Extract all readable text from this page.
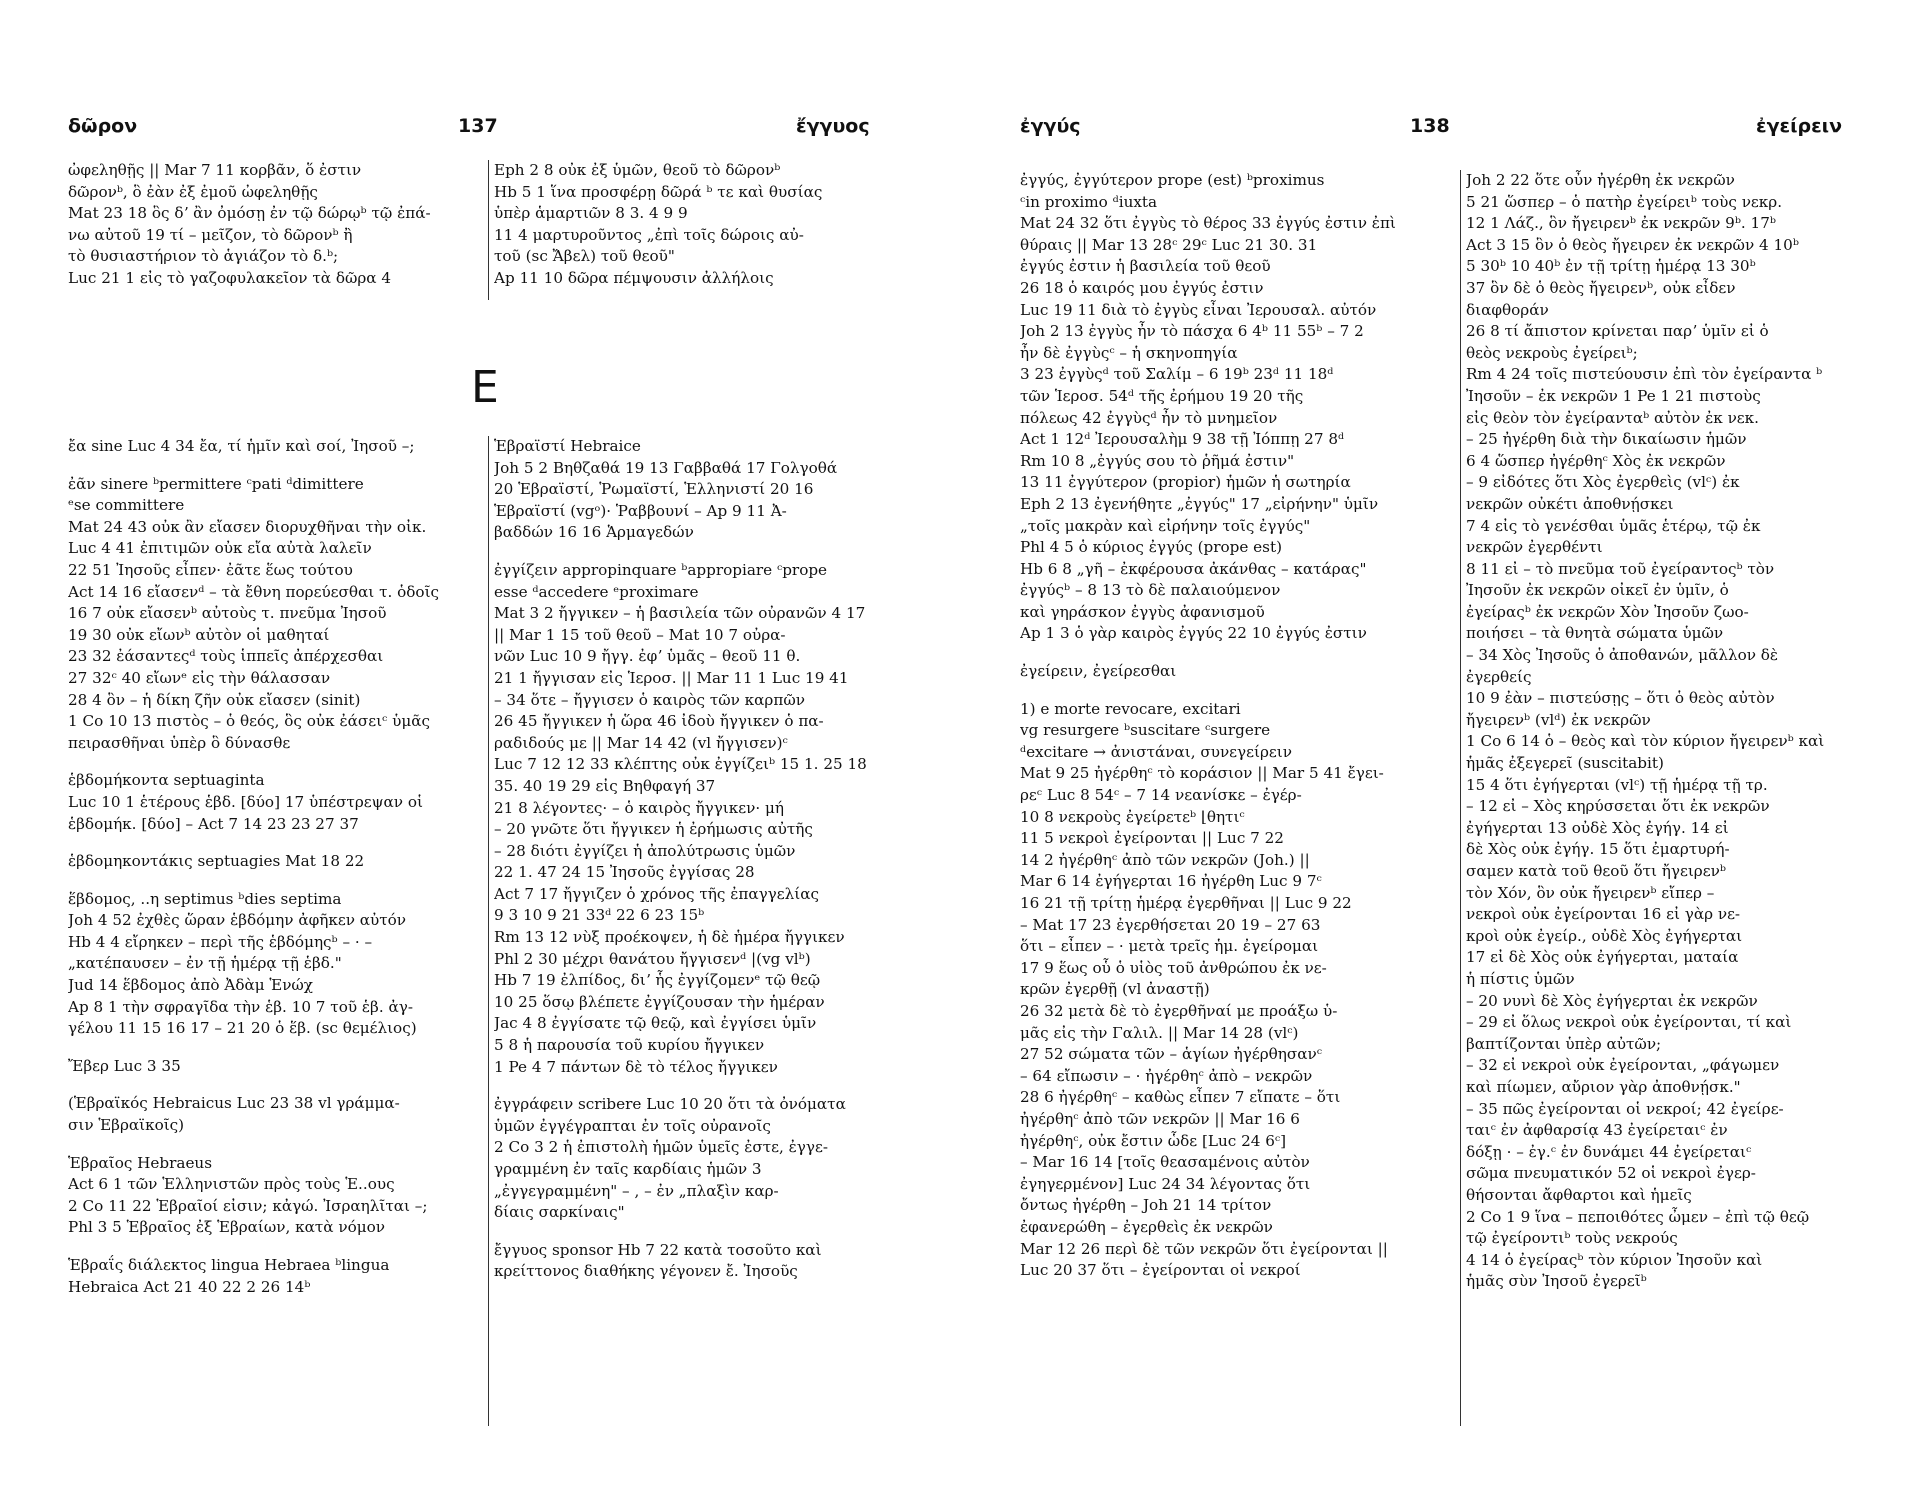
δῶρον	137	ἔγγυος
ὠφεληθῇς || Mar 7 11 κορβᾶν, ὅ ἐστιν
δῶρονᵇ, ὃ ἐὰν ἐξ ἐμοῦ ὠφεληθῇς
Mat 23 18 ὃς δʼ ἂν ὀμόσῃ ἐν τῷ δώρῳᵇ τῷ ἐπά-
νω αὐτοῦ 19 τί – μεῖζον, τὸ δῶρονᵇ ἢ
τὸ θυσιαστήριον τὸ ἁγιάζον τὸ δ.ᵇ;
Luc 21 1 εἰς τὸ γαζοφυλακεῖον τὰ δῶρα 4
Eph 2 8 οὐκ ἐξ ὑμῶν, θεοῦ τὸ δῶρονᵇ
Hb 5 1 ἵνα προσφέρῃ δῶρά ᵇ τε καὶ θυσίας
ὑπὲρ ἁμαρτιῶν 8 3. 4 9 9
11 4 μαρτυροῦντος „ἐπὶ τοῖς δώροις αὐ-
τοῦ (sc Ἄβελ) τοῦ θεοῦ"
Ap 11 10 δῶρα πέμψουσιν ἀλλήλοις
Ε
ἔα sine Luc 4 34 ἔα, τί ἡμῖν καὶ σοί, Ἰησοῦ –;
ἐᾶν sinere ᵇpermittere ᶜpati ᵈdimittere
ᵉse committere
Mat 24 43 οὐκ ἂν εἴασεν διορυχθῆναι τὴν οἰκ.
Luc 4 41 ἐπιτιμῶν οὐκ εἴα αὐτὰ λαλεῖν
22 51 Ἰησοῦς εἶπεν· ἐᾶτε ἕως τούτου
Act 14 16 εἴασενᵈ – τὰ ἔθνη πορεύεσθαι τ. ὁδοῖς
16 7 οὐκ εἴασενᵇ αὐτοὺς τ. πνεῦμα Ἰησοῦ
19 30 οὐκ εἴωνᵇ αὐτὸν οἱ μαθηταί
23 32 ἐάσαντεςᵈ τοὺς ἱππεῖς ἀπέρχεσθαι
27 32ᶜ 40 εἴωνᵉ εἰς τὴν θάλασσαν
28 4 ὃν – ἡ δίκη ζῆν οὐκ εἴασεν (sinit)
1 Co 10 13 πιστὸς – ὁ θεός, ὃς οὐκ ἐάσειᶜ ὑμᾶς
πειρασθῆναι ὑπὲρ ὃ δύνασθε
ἑβδομήκοντα septuaginta
Luc 10 1 ἑτέρους ἑβδ. [δύο] 17 ὑπέστρεψαν οἱ
ἑβδομήκ. [δύο] – Act 7 14 23 23 27 37
ἑβδομηκοντάκις septuagies Mat 18 22
ἕβδομος, ..η septimus ᵇdies septima
Joh 4 52 ἐχθὲς ὥραν ἑβδόμην ἀφῆκεν αὐτόν
Hb 4 4 εἴρηκεν – περὶ τῆς ἑβδόμηςᵇ – · –
„κατέπαυσεν – ἐν τῇ ἡμέρᾳ τῇ ἑβδ."
Jud 14 ἕβδομος ἀπὸ Ἀδὰμ Ἑνώχ
Ap 8 1 τὴν σφραγῖδα τὴν ἑβ. 10 7 τοῦ ἑβ. ἀγ-
γέλου 11 15 16 17 – 21 20 ὁ ἕβ. (sc θεμέλιος)
Ἔβερ Luc 3 35
(Ἑβραϊκός Hebraicus Luc 23 38 vl γράμμα-
σιν Ἑβραϊκοῖς)
Ἑβραῖος Hebraeus
Act 6 1 τῶν Ἑλληνιστῶν πρὸς τοὺς Ἑ..ους
2 Co 11 22 Ἑβραῖοί εἰσιν; κἀγώ. Ἰσραηλῖται –;
Phl 3 5 Ἑβραῖος ἐξ Ἑβραίων, κατὰ νόμον
Ἑβραΐς διάλεκτος lingua Hebraea ᵇlingua
Hebraica Act 21 40 22 2 26 14ᵇ
Ἑβραϊστί Hebraice
Joh 5 2 Βηθζαθά 19 13 Γαββαθά 17 Γολγοθά
20 Ἑβραϊστί, Ῥωμαϊστί, Ἑλληνιστί 20 16
Ἑβραϊστί (vgᵒ)· Ῥαββουνί – Ap 9 11 Ἀ-
βαδδών 16 16 Ἁρμαγεδών
ἐγγίζειν appropinquare ᵇappropiare ᶜprope
esse ᵈaccedere ᵉproximare
Mat 3 2 ἤγγικεν – ἡ βασιλεία τῶν οὐρανῶν 4 17
|| Mar 1 15 τοῦ θεοῦ – Mat 10 7 οὐρα-
νῶν Luc 10 9 ἤγγ. ἐφʼ ὑμᾶς – θεοῦ 11 θ.
21 1 ἤγγισαν εἰς Ἱεροσ. || Mar 11 1 Luc 19 41
– 34 ὅτε – ἤγγισεν ὁ καιρὸς τῶν καρπῶν
26 45 ἤγγικεν ἡ ὥρα 46 ἰδοὺ ἤγγικεν ὁ πα-
ραδιδούς με || Mar 14 42 (vl ἤγγισεν)ᶜ
Luc 7 12 12 33 κλέπτης οὐκ ἐγγίζειᵇ 15 1. 25 18
35. 40 19 29 εἰς Βηθφαγή 37
21 8 λέγοντες· – ὁ καιρὸς ἤγγικεν· μή
– 20 γνῶτε ὅτι ἤγγικεν ἡ ἐρήμωσις αὐτῆς
– 28 διότι ἐγγίζει ἡ ἀπολύτρωσις ὑμῶν
22 1. 47 24 15 Ἰησοῦς ἐγγίσας 28
Act 7 17 ἤγγιζεν ὁ χρόνος τῆς ἐπαγγελίας
9 3 10 9 21 33ᵈ 22 6 23 15ᵇ
Rm 13 12 νὺξ προέκοψεν, ἡ δὲ ἡμέρα ἤγγικεν
Phl 2 30 μέχρι θανάτου ἤγγισενᵈ |(vg vlᵇ)
Hb 7 19 ἐλπίδος, διʼ ἧς ἐγγίζομενᵉ τῷ θεῷ
10 25 ὅσῳ βλέπετε ἐγγίζουσαν τὴν ἡμέραν
Jac 4 8 ἐγγίσατε τῷ θεῷ, καὶ ἐγγίσει ὑμῖν
5 8 ἡ παρουσία τοῦ κυρίου ἤγγικεν
1 Pe 4 7 πάντων δὲ τὸ τέλος ἤγγικεν
ἐγγράφειν scribere Luc 10 20 ὅτι τὰ ὀνόματα
ὑμῶν ἐγγέγραπται ἐν τοῖς οὐρανοῖς
2 Co 3 2 ἡ ἐπιστολὴ ἡμῶν ὑμεῖς ἐστε, ἐγγε-
γραμμένη ἐν ταῖς καρδίαις ἡμῶν 3
„ἐγγεγραμμένη" – , – ἐν „πλαξὶν καρ-
δίαις σαρκίναις"
ἔγγυος sponsor Hb 7 22 κατὰ τοσοῦτο καὶ
κρείττονος διαθήκης γέγονεν ἔ. Ἰησοῦς
ἐγγύς	138	ἐγείρειν
ἐγγύς, ἐγγύτερον prope (est) ᵇproximus
ᶜin proximo ᵈiuxta
Mat 24 32 ὅτι ἐγγὺς τὸ θέρος 33 ἐγγύς ἐστιν ἐπὶ
θύραις || Mar 13 28ᶜ 29ᶜ Luc 21 30. 31
ἐγγύς ἐστιν ἡ βασιλεία τοῦ θεοῦ
26 18 ὁ καιρός μου ἐγγύς ἐστιν
Luc 19 11 διὰ τὸ ἐγγὺς εἶναι Ἰερουσαλ. αὐτόν
Joh 2 13 ἐγγὺς ἦν τὸ πάσχα 6 4ᵇ 11 55ᵇ – 7 2
ἦν δὲ ἐγγὺςᶜ – ἡ σκηνοπηγία
3 23 ἐγγὺςᵈ τοῦ Σαλίμ – 6 19ᵇ 23ᵈ 11 18ᵈ
τῶν Ἱεροσ. 54ᵈ τῆς ἐρήμου 19 20 τῆς
πόλεως 42 ἐγγὺςᵈ ἦν τὸ μνημεῖον
Act 1 12ᵈ Ἰερουσαλὴμ 9 38 τῇ Ἰόππῃ 27 8ᵈ
Rm 10 8 „ἐγγύς σου τὸ ῥῆμά ἐστιν"
13 11 ἐγγύτερον (propior) ἡμῶν ἡ σωτηρία
Eph 2 13 ἐγενήθητε „ἐγγύς" 17 „εἰρήνην" ὑμῖν
„τοῖς μακρὰν καὶ εἰρήνην τοῖς ἐγγύς"
Phl 4 5 ὁ κύριος ἐγγύς (prope est)
Hb 6 8 „γῆ – ἐκφέρουσα ἀκάνθας – κατάρας"
ἐγγύςᵇ – 8 13 τὸ δὲ παλαιούμενον
καὶ γηράσκον ἐγγὺς ἀφανισμοῦ
Ap 1 3 ὁ γὰρ καιρὸς ἐγγύς 22 10 ἐγγύς ἐστιν
ἐγείρειν, ἐγείρεσθαι
1) e morte revocare, excitari
vg resurgere ᵇsuscitare ᶜsurgere
ᵈexcitare → ἀνιστάναι, συνεγείρειν
Mat 9 25 ἠγέρθηᶜ τὸ κοράσιον || Mar 5 41 ἔγει-
ρεᶜ Luc 8 54ᶜ – 7 14 νεανίσκε – ἐγέρ-
10 8 νεκροὺς ἐγείρετεᵇ ⌊θητιᶜ
11 5 νεκροὶ ἐγείρονται || Luc 7 22
14 2 ἠγέρθηᶜ ἀπὸ τῶν νεκρῶν (Joh.) ||
Mar 6 14 ἐγήγερται 16 ἠγέρθη Luc 9 7ᶜ
16 21 τῇ τρίτῃ ἡμέρᾳ ἐγερθῆναι || Luc 9 22
– Mat 17 23 ἐγερθήσεται 20 19 – 27 63
ὅτι – εἶπεν – · μετὰ τρεῖς ἡμ. ἐγείρομαι
17 9 ἕως οὗ ὁ υἱὸς τοῦ ἀνθρώπου ἐκ νε-
κρῶν ἐγερθῇ (vl ἀναστῇ)
26 32 μετὰ δὲ τὸ ἐγερθῆναί με προάξω ὑ-
μᾶς εἰς τὴν Γαλιλ. || Mar 14 28 (vlᶜ)
27 52 σώματα τῶν – ἁγίων ἠγέρθησανᶜ
– 64 εἴπωσιν – · ἠγέρθηᶜ ἀπὸ – νεκρῶν
28 6 ἠγέρθηᶜ – καθὼς εἶπεν 7 εἴπατε – ὅτι
ἠγέρθηᶜ ἀπὸ τῶν νεκρῶν || Mar 16 6
ἠγέρθηᶜ, οὐκ ἔστιν ὧδε [Luc 24 6ᶜ]
– Mar 16 14 [τοῖς θεασαμένοις αὐτὸν
ἐγηγερμένον] Luc 24 34 λέγοντας ὅτι
ὄντως ἠγέρθη – Joh 21 14 τρίτον
ἐφανερώθη – ἐγερθεὶς ἐκ νεκρῶν
Mar 12 26 περὶ δὲ τῶν νεκρῶν ὅτι ἐγείρονται ||
Luc 20 37 ὅτι – ἐγείρονται οἱ νεκροί
Joh 2 22 ὅτε οὖν ἠγέρθη ἐκ νεκρῶν
5 21 ὥσπερ – ὁ πατὴρ ἐγείρειᵇ τοὺς νεκρ.
12 1 Λάζ., ὃν ἤγειρενᵇ ἐκ νεκρῶν 9ᵇ. 17ᵇ
Act 3 15 ὃν ὁ θεὸς ἤγειρεν ἐκ νεκρῶν 4 10ᵇ
5 30ᵇ 10 40ᵇ ἐν τῇ τρίτῃ ἡμέρᾳ 13 30ᵇ
37 ὃν δὲ ὁ θεὸς ἤγειρενᵇ, οὐκ εἶδεν
διαφθοράν
26 8 τί ἄπιστον κρίνεται παρʼ ὑμῖν εἰ ὁ
θεὸς νεκροὺς ἐγείρειᵇ;
Rm 4 24 τοῖς πιστεύουσιν ἐπὶ τὸν ἐγείραντα ᵇ
Ἰησοῦν – ἐκ νεκρῶν 1 Pe 1 21 πιστοὺς
εἰς θεὸν τὸν ἐγείρανταᵇ αὐτὸν ἐκ νεκ.
– 25 ἠγέρθη διὰ τὴν δικαίωσιν ἡμῶν
6 4 ὥσπερ ἠγέρθηᶜ Χὸς ἐκ νεκρῶν
– 9 εἰδότες ὅτι Χὸς ἐγερθεὶς (vlᶜ) ἐκ
νεκρῶν οὐκέτι ἀποθνῄσκει
7 4 εἰς τὸ γενέσθαι ὑμᾶς ἑτέρῳ, τῷ ἐκ
νεκρῶν ἐγερθέντι
8 11 εἰ – τὸ πνεῦμα τοῦ ἐγείραντοςᵇ τὸν
Ἰησοῦν ἐκ νεκρῶν οἰκεῖ ἐν ὑμῖν, ὁ
ἐγείραςᵇ ἐκ νεκρῶν Χὸν Ἰησοῦν ζωο-
ποιήσει – τὰ θνητὰ σώματα ὑμῶν
– 34 Χὸς Ἰησοῦς ὁ ἀποθανών, μᾶλλον δὲ
ἐγερθείς
10 9 ἐὰν – πιστεύσῃς – ὅτι ὁ θεὸς αὐτὸν
ἤγειρενᵇ (vlᵈ) ἐκ νεκρῶν
1 Co 6 14 ὁ – θεὸς καὶ τὸν κύριον ἤγειρενᵇ καὶ
ἡμᾶς ἐξεγερεῖ (suscitabit)
15 4 ὅτι ἐγήγερται (vlᶜ) τῇ ἡμέρᾳ τῇ τρ.
– 12 εἰ – Χὸς κηρύσσεται ὅτι ἐκ νεκρῶν
ἐγήγερται 13 οὐδὲ Χὸς ἐγήγ. 14 εἰ
δὲ Χὸς οὐκ ἐγήγ. 15 ὅτι ἐμαρτυρή-
σαμεν κατὰ τοῦ θεοῦ ὅτι ἤγειρενᵇ
τὸν Χόν, ὃν οὐκ ἤγειρενᵇ εἴπερ –
νεκροὶ οὐκ ἐγείρονται 16 εἰ γὰρ νε-
κροὶ οὐκ ἐγείρ., οὐδὲ Χὸς ἐγήγερται
17 εἰ δὲ Χὸς οὐκ ἐγήγερται, ματαία
ἡ πίστις ὑμῶν
– 20 νυνὶ δὲ Χὸς ἐγήγερται ἐκ νεκρῶν
– 29 εἰ ὅλως νεκροὶ οὐκ ἐγείρονται, τί καὶ
βαπτίζονται ὑπὲρ αὐτῶν;
– 32 εἰ νεκροὶ οὐκ ἐγείρονται, „φάγωμεν
καὶ πίωμεν, αὔριον γὰρ ἀποθνῄσκ."
– 35 πῶς ἐγείρονται οἱ νεκροί; 42 ἐγείρε-
ταιᶜ ἐν ἀφθαρσίᾳ 43 ἐγείρεταιᶜ ἐν
δόξῃ · – ἐγ.ᶜ ἐν δυνάμει 44 ἐγείρεταιᶜ
σῶμα πνευματικόν 52 οἱ νεκροὶ ἐγερ-
θήσονται ἄφθαρτοι καὶ ἡμεῖς
2 Co 1 9 ἵνα – πεποιθότες ὦμεν – ἐπὶ τῷ θεῷ
τῷ ἐγείροντιᵇ τοὺς νεκρούς
4 14 ὁ ἐγείραςᵇ τὸν κύριον Ἰησοῦν καὶ
ἡμᾶς σὺν Ἰησοῦ ἐγερεῖᵇ
